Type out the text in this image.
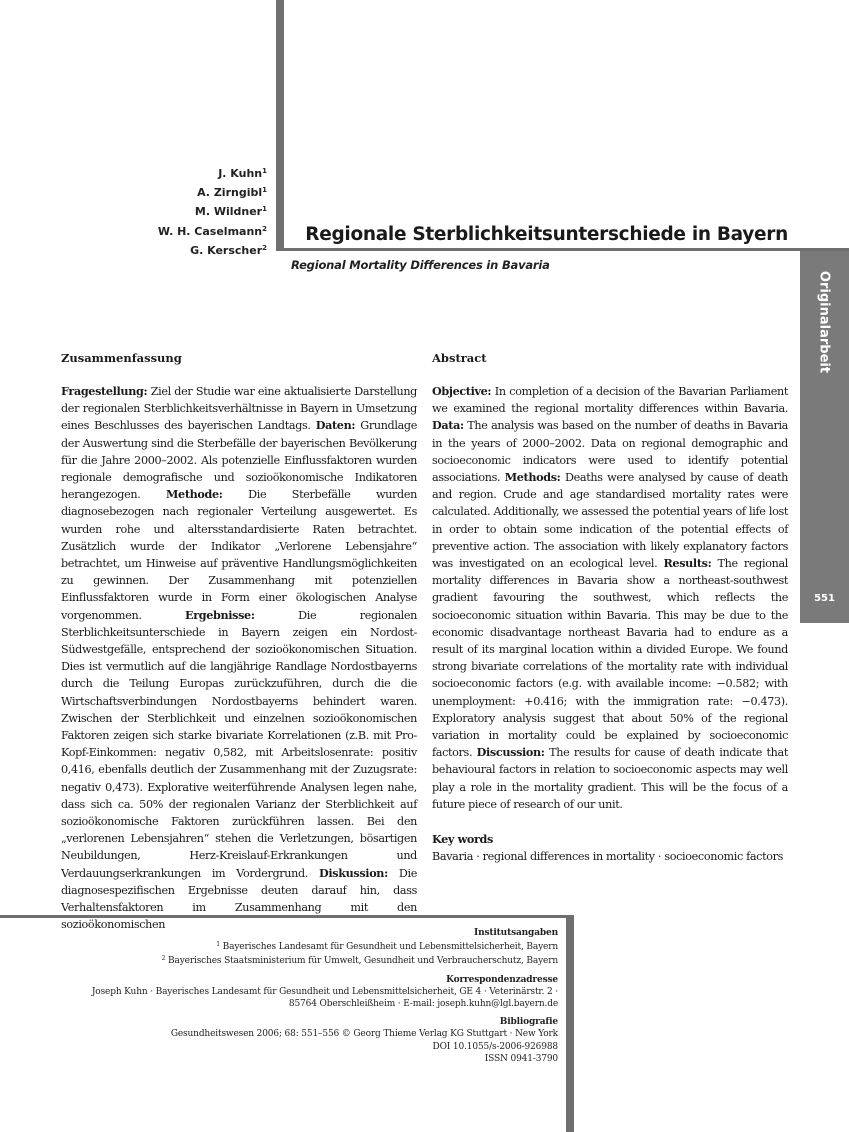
Originalarbeit
551
J. Kuhn$^1$
A. Zirngibl$^1$
M. Wildner$^1$
W. H. Caselmann$^2$
G. Kerscher$^2$
Regionale Sterblichkeitsunterschiede in Bayern
Regional Mortality Differences in Bavaria
Zusammenfassung

Fragestellung: Ziel der Studie war eine aktualisierte Darstellung der regionalen Sterblichkeitsverhältnisse in Bayern in Umsetzung eines Beschlusses des bayerischen Landtags. Daten: Grundlage der Auswertung sind die Sterbefälle der bayerischen Bevölkerung für die Jahre 2000–2002. Als potenzielle Einflussfaktoren wurden regionale demografische und sozioökonomische Indikatoren herangezogen. Methode: Die Sterbefälle wurden diagnosebezogen nach regionaler Verteilung ausgewertet. Es wurden rohe und altersstandardisierte Raten betrachtet. Zusätzlich wurde der Indikator „Verlorene Lebensjahre“ betrachtet, um Hinweise auf präventive Handlungsmöglichkeiten zu gewinnen. Der Zusammenhang mit potenziellen Einflussfaktoren wurde in Form einer ökologischen Analyse vorgenommen. Ergebnisse: Die regionalen Sterblichkeitsunterschiede in Bayern zeigen ein Nordost-Südwestgefälle, entsprechend der sozioökonomischen Situation. Dies ist vermutlich auf die langjährige Randlage Nordostbayerns durch die Teilung Europas zurückzuführen, durch die die Wirtschaftsverbindungen Nordostbayerns behindert waren. Zwischen der Sterblichkeit und einzelnen sozioökonomischen Faktoren zeigen sich starke bivariate Korrelationen (z.B. mit Pro-Kopf-Einkommen: negativ 0,582, mit Arbeitslosenrate: positiv 0,416, ebenfalls deutlich der Zusammenhang mit der Zuzugsrate: negativ 0,473). Explorative weiterführende Analysen legen nahe, dass sich ca. 50% der regionalen Varianz der Sterblichkeit auf sozioökonomische Faktoren zurückführen lassen. Bei den „verlorenen Lebensjahren“ stehen die Verletzungen, bösartigen Neubildungen, Herz-Kreislauf-Erkrankungen und Verdauungserkrankungen im Vordergrund. Diskussion: Die diagnosespezifischen Ergebnisse deuten darauf hin, dass Verhaltensfaktoren im Zusammenhang mit den sozioökonomischen

Abstract

Objective: In completion of a decision of the Bavarian Parliament we examined the regional mortality differences within Bavaria. Data: The analysis was based on the number of deaths in Bavaria in the years of 2000–2002. Data on regional demographic and socioeconomic indicators were used to identify potential associations. Methods: Deaths were analysed by cause of death and region. Crude and age standardised mortality rates were calculated. Additionally, we assessed the potential years of life lost in order to obtain some indication of the potential effects of preventive action. The association with likely explanatory factors was investigated on an ecological level. Results: The regional mortality differences in Bavaria show a northeast-southwest gradient favouring the southwest, which reflects the socioeconomic situation within Bavaria. This may be due to the economic disadvantage northeast Bavaria had to endure as a result of its marginal location within a divided Europe. We found strong bivariate correlations of the mortality rate with individual socioeconomic factors (e.g. with available income: −0.582; with unemployment: +0.416; with the immigration rate: −0.473). Exploratory analysis suggest that about 50% of the regional variation in mortality could be explained by socioeconomic factors. Discussion: The results for cause of death indicate that behavioural factors in relation to socioeconomic aspects may well play a role in the mortality gradient. This will be the focus of a future piece of research of our unit.

Key words

Bavaria · regional differences in mortality · socioeconomic factors

Institutsangaben
$^1$ Bayerisches Landesamt für Gesundheit und Lebensmittelsicherheit, Bayern
$^2$ Bayerisches Staatsministerium für Umwelt, Gesundheit und Verbraucherschutz, Bayern
Korrespondenzadresse
Joseph Kuhn · Bayerisches Landesamt für Gesundheit und Lebensmittelsicherheit, GE 4 · Veterinärstr. 2 ·
85764 Oberschleißheim · E-mail: joseph.kuhn@lgl.bayern.de
Bibliografie
Gesundheitswesen 2006; 68: 551–556 © Georg Thieme Verlag KG Stuttgart · New York
DOI 10.1055/s-2006-926988
ISSN 0941-3790
